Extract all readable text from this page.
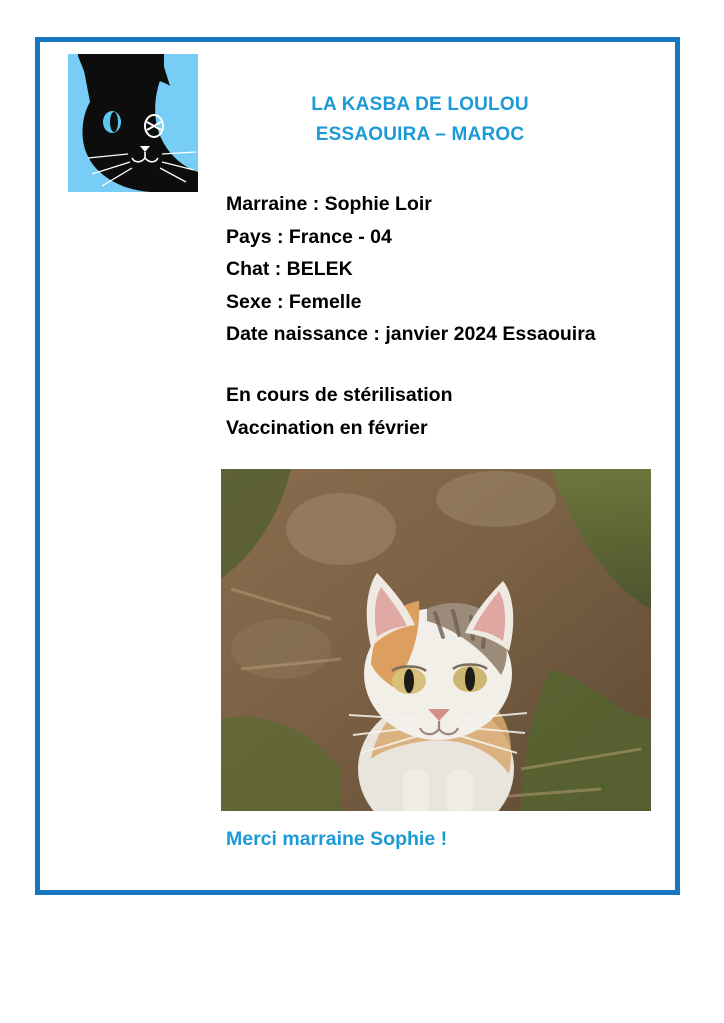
LA KASBA DE LOULOU
ESSAOUIRA – MAROC
Marraine : Sophie Loir
Pays : France - 04
Chat : BELEK
Sexe : Femelle
Date naissance : janvier 2024 Essaouira
En cours de stérilisation
Vaccination en février
Merci marraine Sophie !
